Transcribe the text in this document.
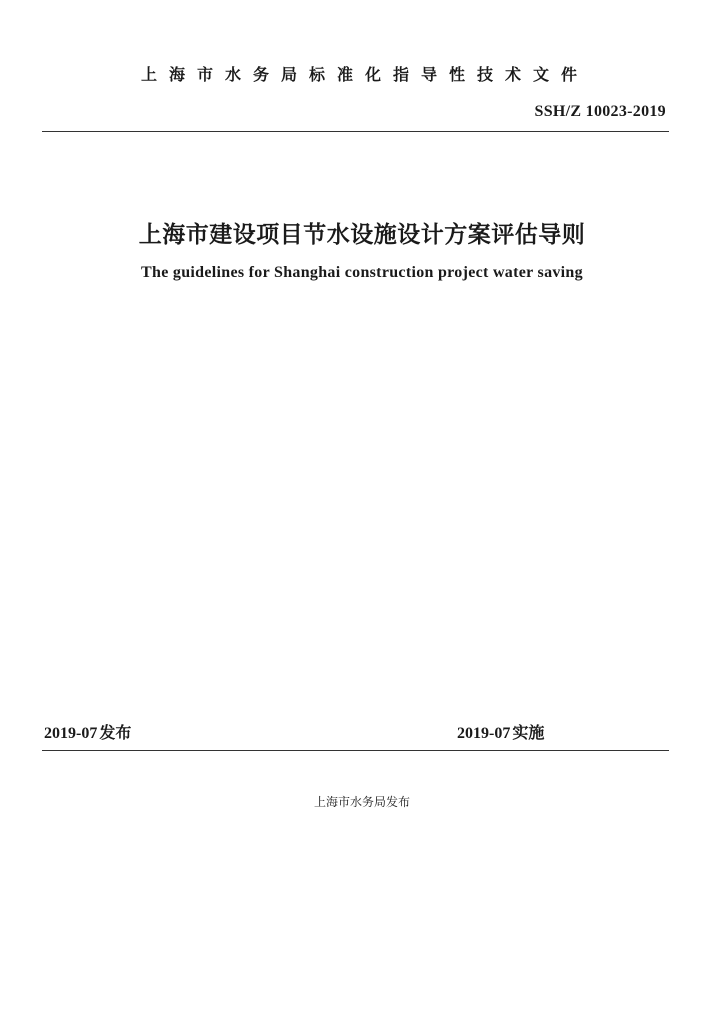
上海市水务局标准化指导性技术文件
SSH/Z 10023-2019
上海市建设项目节水设施设计方案评估导则
The guidelines for Shanghai construction project water saving
2019-07 发布	2019-07 实施
上海市水务局发布
